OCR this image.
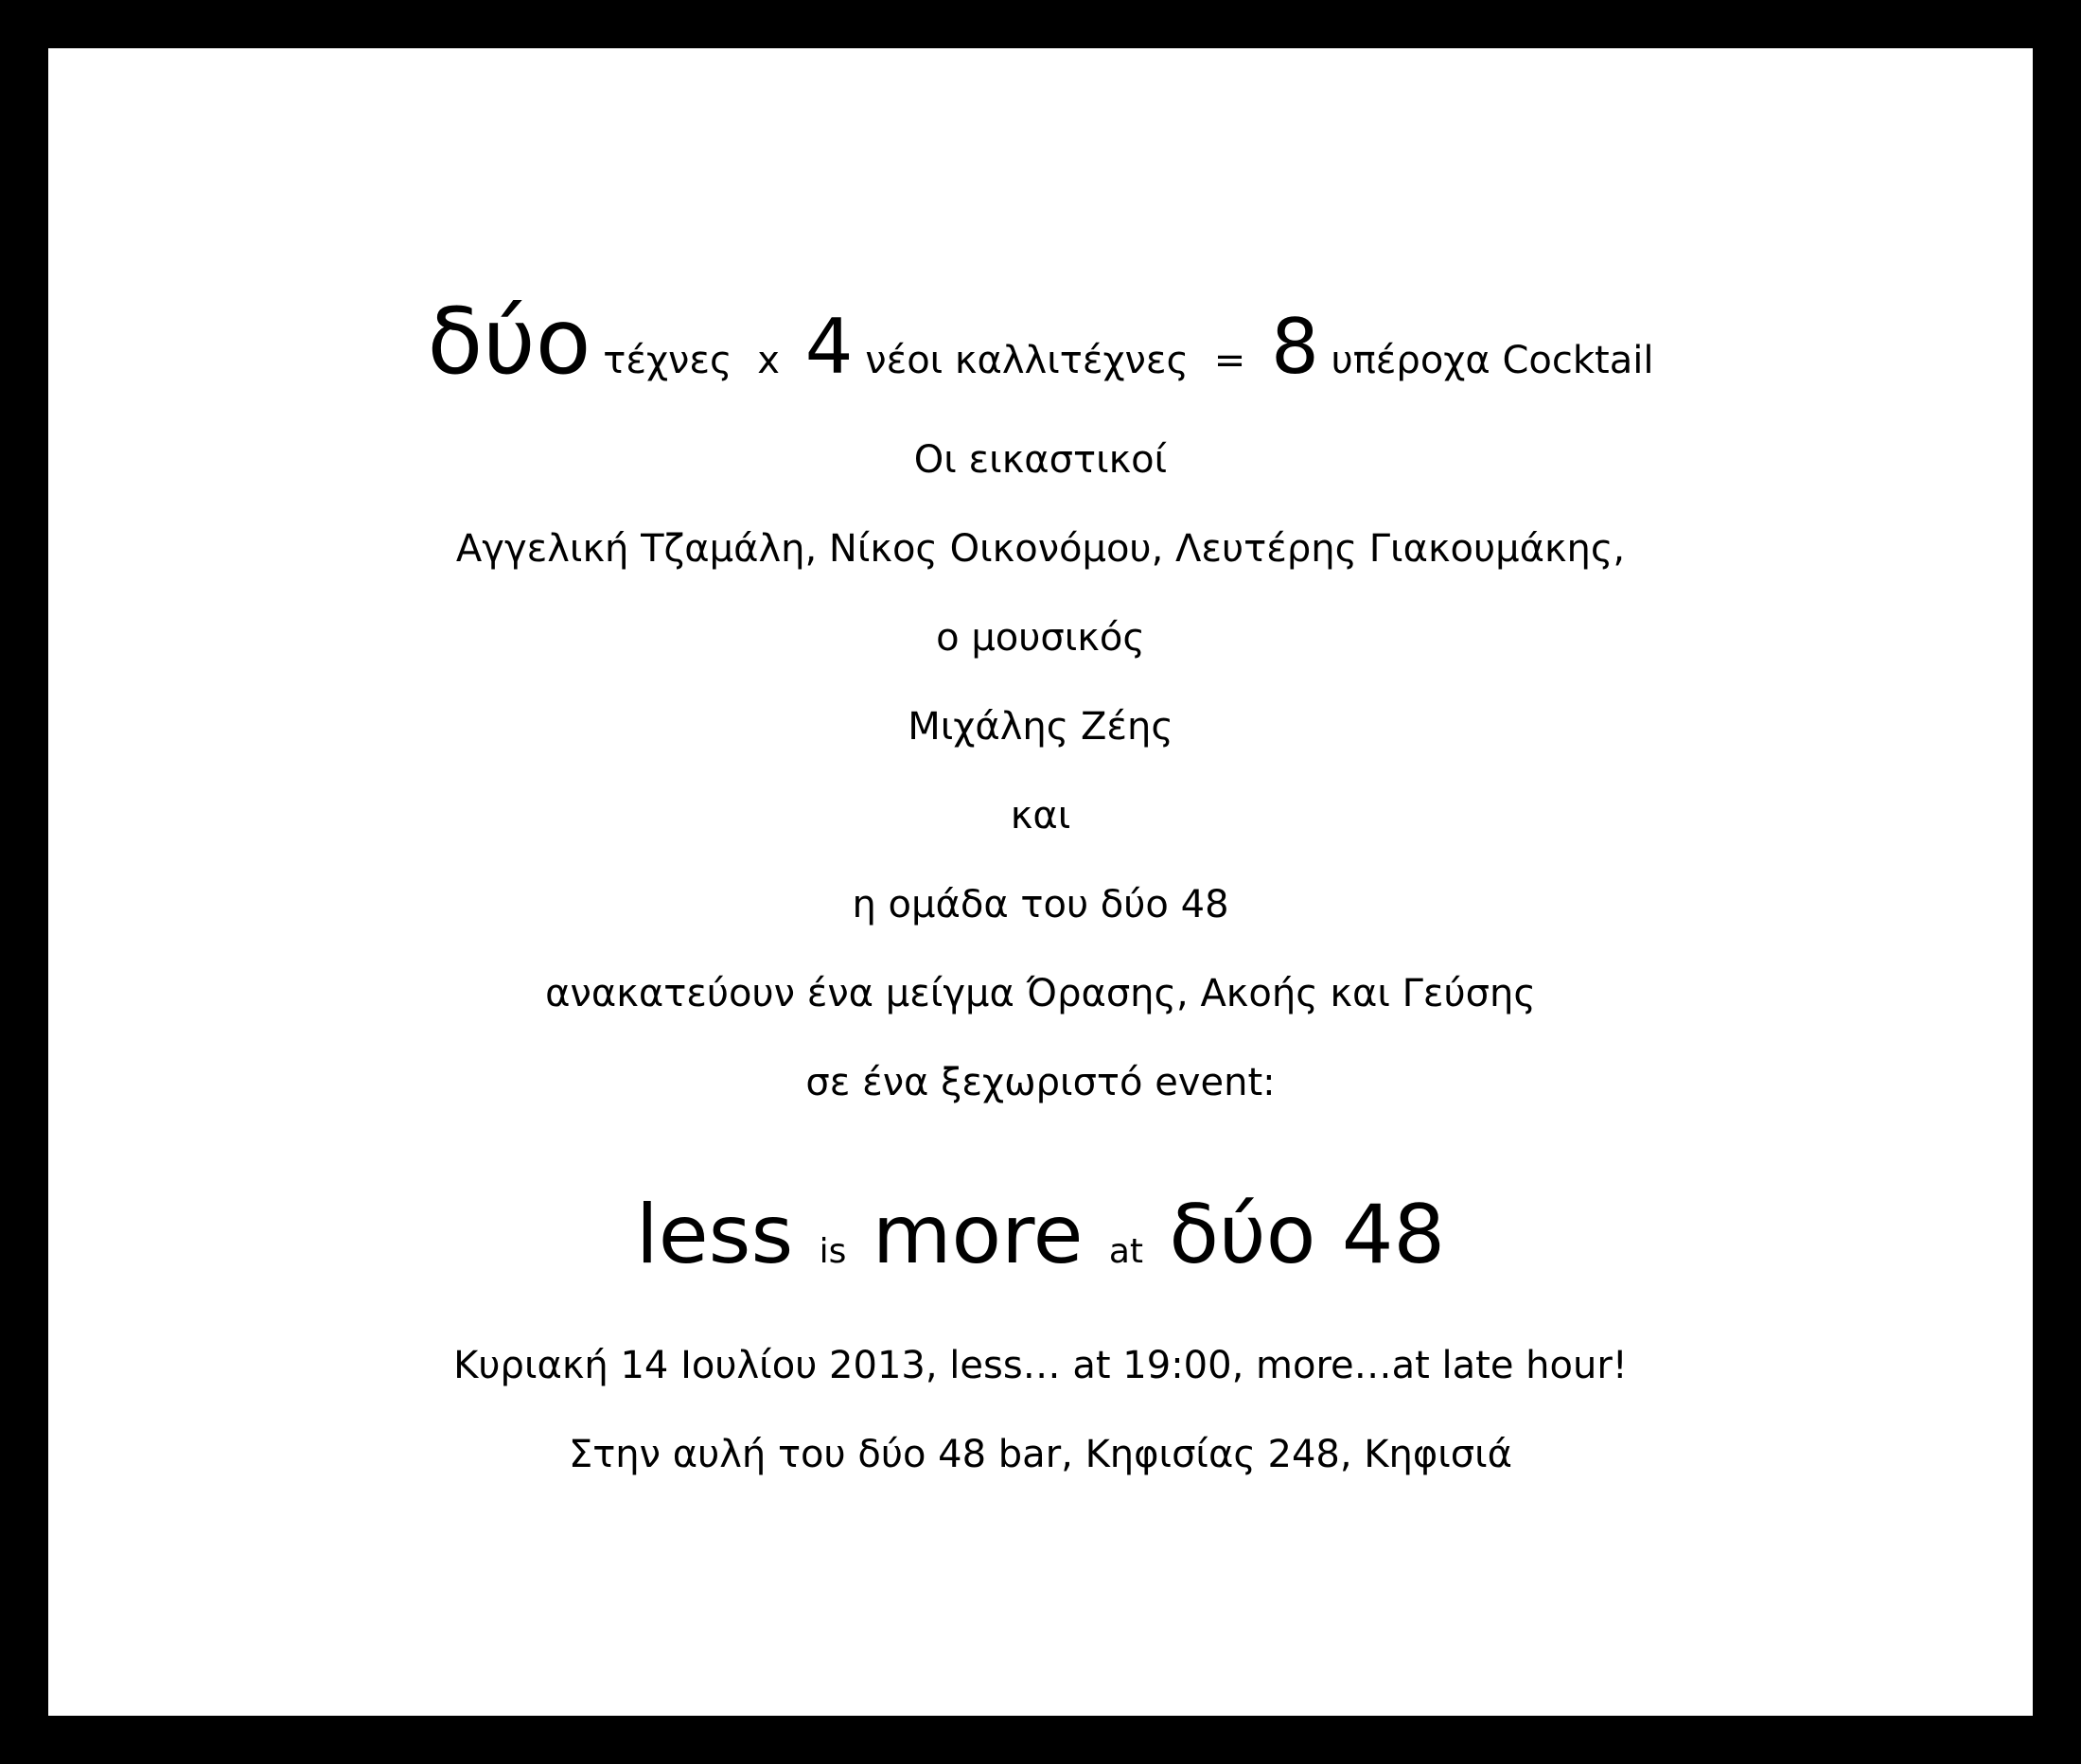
δύο τέχνες x 4 νέοι καλλιτέχνες = 8 υπέροχα Cocktail
Οι εικαστικοί
Αγγελική Τζαμάλη, Νίκος Οικονόμου, Λευτέρης Γιακουμάκης,
ο μουσικός
Μιχάλης Ζέης
και
η ομάδα του δύο 48
ανακατεύουν ένα μείγμα Όρασης, Ακοής και Γεύσης
σε ένα ξεχωριστό event:
less is more at δύο 48
Κυριακή 14 Ιουλίου 2013, less… at 19:00, more…at late hour!
Στην αυλή του δύο 48 bar, Κηφισίας 248, Κηφισιά
